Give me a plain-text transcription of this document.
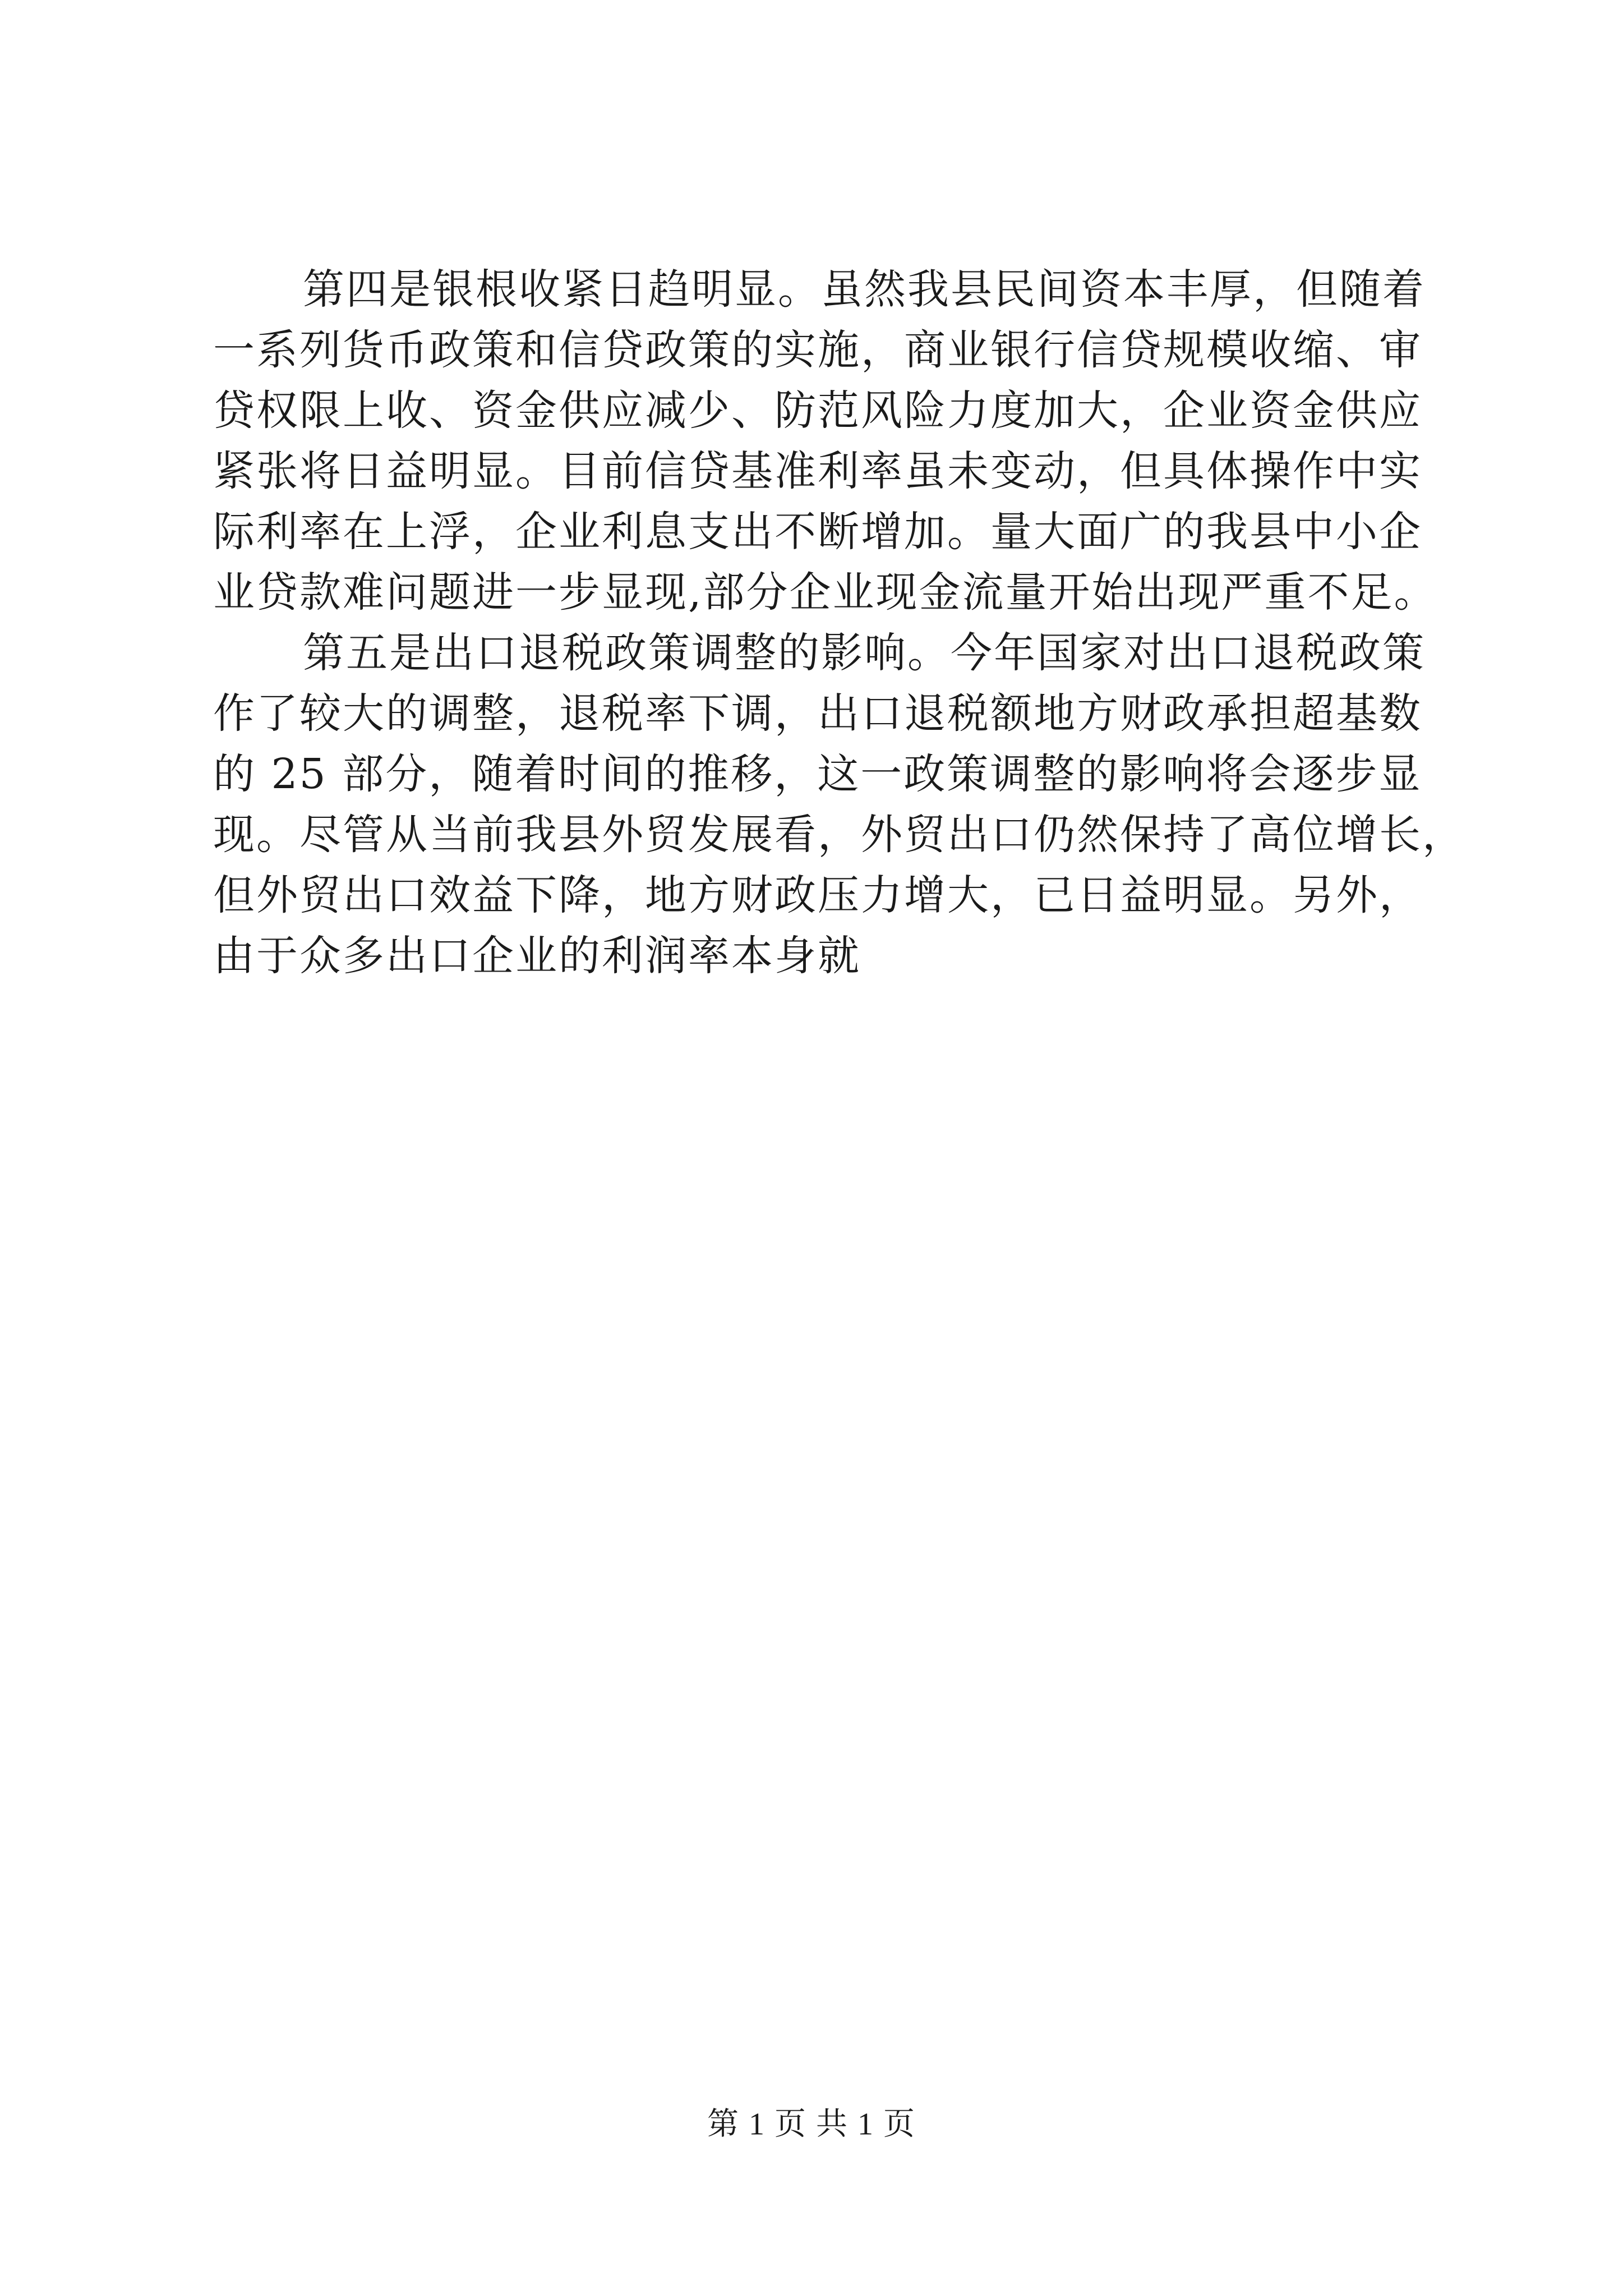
第四是银根收紧日趋明显。虽然我县民间资本丰厚，但随着
一系列货币政策和信贷政策的实施，商业银行信贷规模收缩、审
贷权限上收、资金供应减少、防范风险力度加大，企业资金供应
紧张将日益明显。目前信贷基准利率虽未变动，但具体操作中实
际利率在上浮，企业利息支出不断增加。量大面广的我县中小企
业贷款难问题进一步显现,部分企业现金流量开始出现严重不足。
第五是出口退税政策调整的影响。今年国家对出口退税政策
作了较大的调整，退税率下调，出口退税额地方财政承担超基数
的 25 部分，随着时间的推移，这一政策调整的影响将会逐步显
现。尽管从当前我县外贸发展看，外贸出口仍然保持了高位增长，
但外贸出口效益下降，地方财政压力增大，已日益明显。另外，
由于众多出口企业的利润率本身就
第 1 页 共 1 页
